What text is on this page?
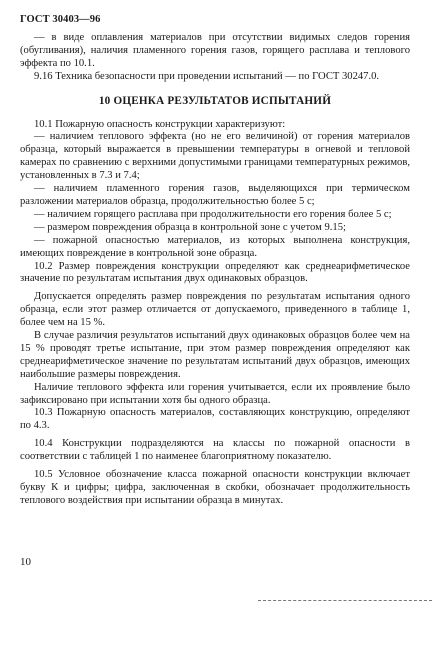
ГОСТ 30403—96

— в виде оплавления материалов при отсутствии видимых следов горения (обугливания), наличия пламенного горения газов, горящего расплава и теплового эффекта по 10.1.

9.16 Техника безопасности при проведении испытаний — по ГОСТ 30247.0.

10 ОЦЕНКА РЕЗУЛЬТАТОВ ИСПЫТАНИЙ

10.1 Пожарную опасность конструкции характеризуют:

— наличием теплового эффекта (но не его величиной) от горения материалов образца, который выражается в превышении температуры в огневой и тепловой камерах по сравнению с верхними допустимыми границами температурных режимов, установленных в 7.3 и 7.4;

— наличием пламенного горения газов, выделяющихся при термическом разложении материалов образца, продолжительностью более 5 с;

— наличием горящего расплава при продолжительности его горения более 5 с;

— размером повреждения образца в контрольной зоне с учетом 9.15;

— пожарной опасностью материалов, из которых выполнена конструкция, имеющих повреждение в контрольной зоне образца.

10.2 Размер повреждения конструкции определяют как среднеарифметическое значение по результатам испытания двух одинаковых образцов.

Допускается определять размер повреждения по результатам испытания одного образца, если этот размер отличается от допускаемого, приведенного в таблице 1, более чем на 15 %.

В случае различия результатов испытаний двух одинаковых образцов более чем на 15 % проводят третье испытание, при этом размер повреждения определяют как среднеарифметическое значение по результатам испытаний двух образцов, имеющих наибольшие размеры повреждения.

Наличие теплового эффекта или горения учитывается, если их проявление было зафиксировано при испытании хотя бы одного образца.

10.3 Пожарную опасность материалов, составляющих конструкцию, определяют по 4.3.

10.4 Конструкции подразделяются на классы по пожарной опасности в соответствии с таблицей 1 по наименее благоприятному показателю.

10.5 Условное обозначение класса пожарной опасности конструкции включает букву К и цифры; цифра, заключенная в скобки, обозначает продолжительность теплового воздействия при испытании образца в минутах.

10
